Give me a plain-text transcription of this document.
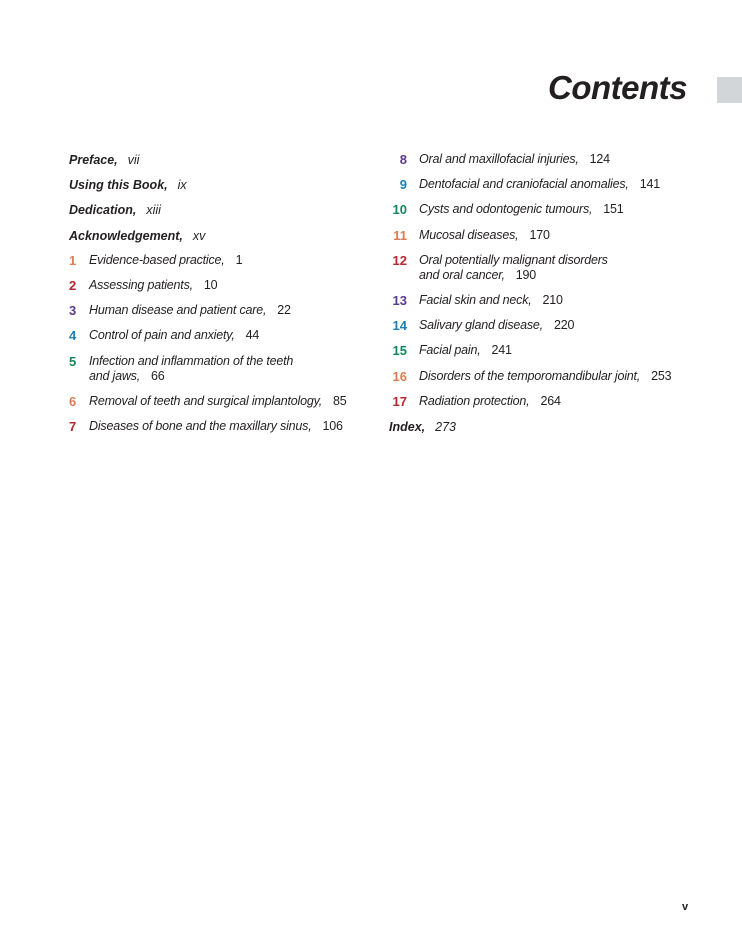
Contents
Preface, vii
Using this Book, ix
Dedication, xiii
Acknowledgement, xv
1 Evidence-based practice, 1
2 Assessing patients, 10
3 Human disease and patient care, 22
4 Control of pain and anxiety, 44
5 Infection and inflammation of the teeth
and jaws, 66
6 Removal of teeth and surgical implantology, 85
7 Diseases of bone and the maxillary sinus, 106
8 Oral and maxillofacial injuries, 124
9 Dentofacial and craniofacial anomalies, 141
10 Cysts and odontogenic tumours, 151
11 Mucosal diseases, 170
12 Oral potentially malignant disorders
and oral cancer, 190
13 Facial skin and neck, 210
14 Salivary gland disease, 220
15 Facial pain, 241
16 Disorders of the temporomandibular joint, 253
17 Radiation protection, 264
Index, 273
v
